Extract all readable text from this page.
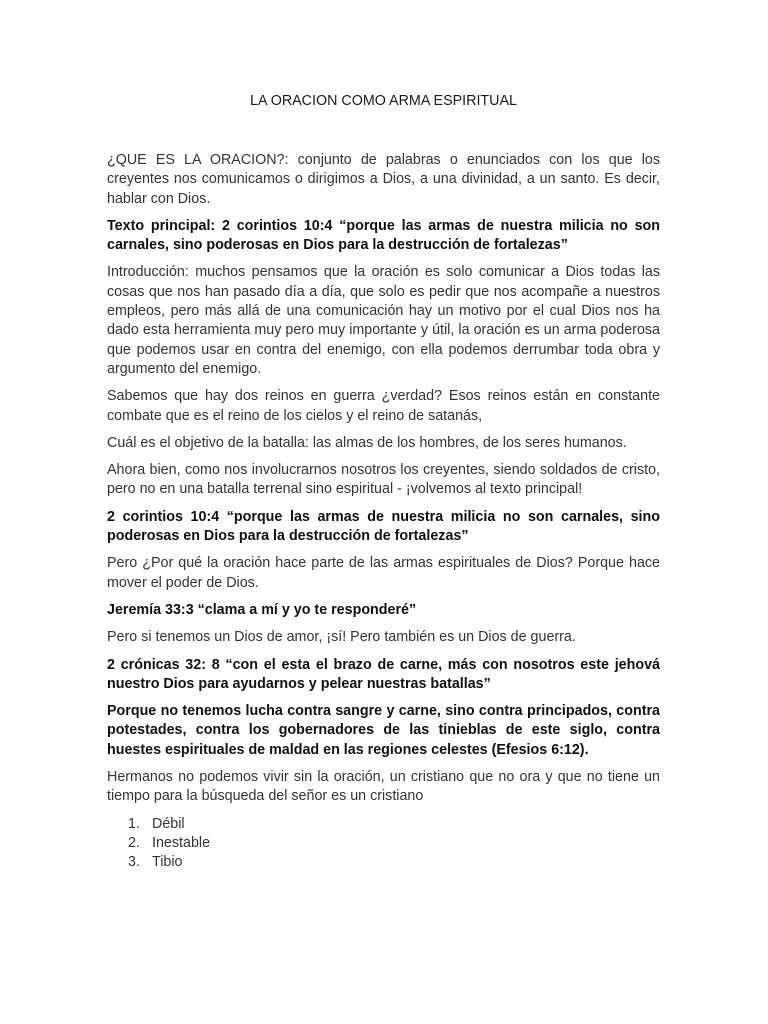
LA ORACION COMO ARMA ESPIRITUAL

¿QUE ES LA ORACION?: conjunto de palabras o enunciados con los que los creyentes nos comunicamos o dirigimos a Dios, a una divinidad, a un santo. Es decir, hablar con Dios.

Texto principal: 2 corintios 10:4 “porque las armas de nuestra milicia no son carnales, sino poderosas en Dios para la destrucción de fortalezas”

Introducción: muchos pensamos que la oración es solo comunicar a Dios todas las cosas que nos han pasado día a día, que solo es pedir que nos acompañe a nuestros empleos, pero más allá de una comunicación hay un motivo por el cual Dios nos ha dado esta herramienta muy pero muy importante y útil, la oración es un arma poderosa que podemos usar en contra del enemigo, con ella podemos derrumbar toda obra y argumento del enemigo.

Sabemos que hay dos reinos en guerra ¿verdad? Esos reinos están en constante combate que es el reino de los cielos y el reino de satanás,

Cuál es el objetivo de la batalla: las almas de los hombres, de los seres humanos.

Ahora bien, como nos involucrarnos nosotros los creyentes, siendo soldados de cristo, pero no en una batalla terrenal sino espiritual - ¡volvemos al texto principal!

2 corintios 10:4 “porque las armas de nuestra milicia no son carnales, sino poderosas en Dios para la destrucción de fortalezas”

Pero ¿Por qué la oración hace parte de las armas espirituales de Dios? Porque hace mover el poder de Dios.

Jeremía 33:3 “clama a mí y yo te responderé”

Pero si tenemos un Dios de amor, ¡sí! Pero también es un Dios de guerra.

2 crónicas 32: 8 “con el esta el brazo de carne, más con nosotros este jehová nuestro Dios para ayudarnos y pelear nuestras batallas”

Porque no tenemos lucha contra sangre y carne, sino contra principados, contra potestades, contra los gobernadores de las tinieblas de este siglo, contra huestes espirituales de maldad en las regiones celestes (Efesios 6:12).

Hermanos no podemos vivir sin la oración, un cristiano que no ora y que no tiene un tiempo para la búsqueda del señor es un cristiano

1. Débil
2. Inestable
3. Tibio
